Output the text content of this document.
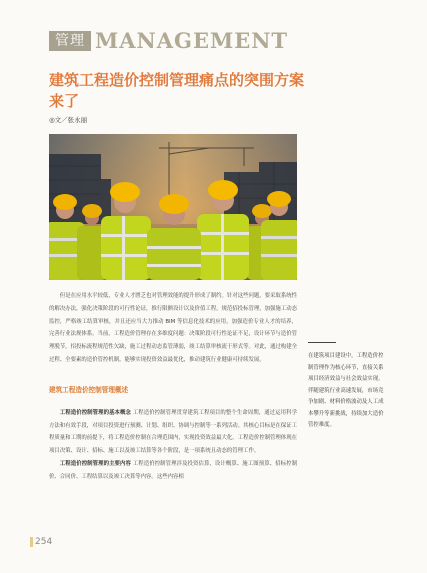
管理 MANAGEMENT
建筑工程造价控制管理痛点的突围方案来了
◎文／张永丽

但是在应用水平较低，专业人才匮乏也对管理效能的提升形成了制约。针对这些问题，要采取系统性的解决办法，强化决策阶段的可行性论证，推行限额设计以及价值工程，规范招投标管理，加强施工动态监控，严格竣工结算审核，并且还应当大力推动 BIM 等信息化技术的应用，加强造价专业人才的培养，完善行业法规体系。当前，工程造价管理存在多维度问题：决策阶段可行性论证不足，设计环节与造价管理脱节，招投标流程规范性欠缺，施工过程动态监管薄弱，竣工结算审核流于形式等。对此，通过构建全过程、全要素的造价管控机制，能够实现投资效益最优化，推动建筑行业健康可持续发展。

建筑工程造价控制管理概述

工程造价控制管理的基本概念 工程造价控制管理贯穿建筑工程项目的整个生命周期，通过运用科学方法和有效手段，对项目投资进行预测、计划、组织、协调与控制等一系列活动。其核心目标是在保证工程质量和工期的前提下，将工程造价控制在合理范围内，实现投资效益最大化。工程造价控制管理体现在项目决策、设计、招标、施工以及竣工结算等各个阶段，是一项系统且动态的管理工作。

工程造价控制管理的主要内容 工程造价控制管理涉及投资估算，设计概算、施工图预算、招标控制价、合同价、工程结算以及竣工决算等内容。这些内容相

在建筑项目建设中，工程造价控制管理作为核心环节，直接关系项目经济效益与社会效益实现。伴随建筑行业高速发展，市场竞争加剧、材料价格波动及人工成本攀升等新挑战，持续加大造价管控难度。
254
